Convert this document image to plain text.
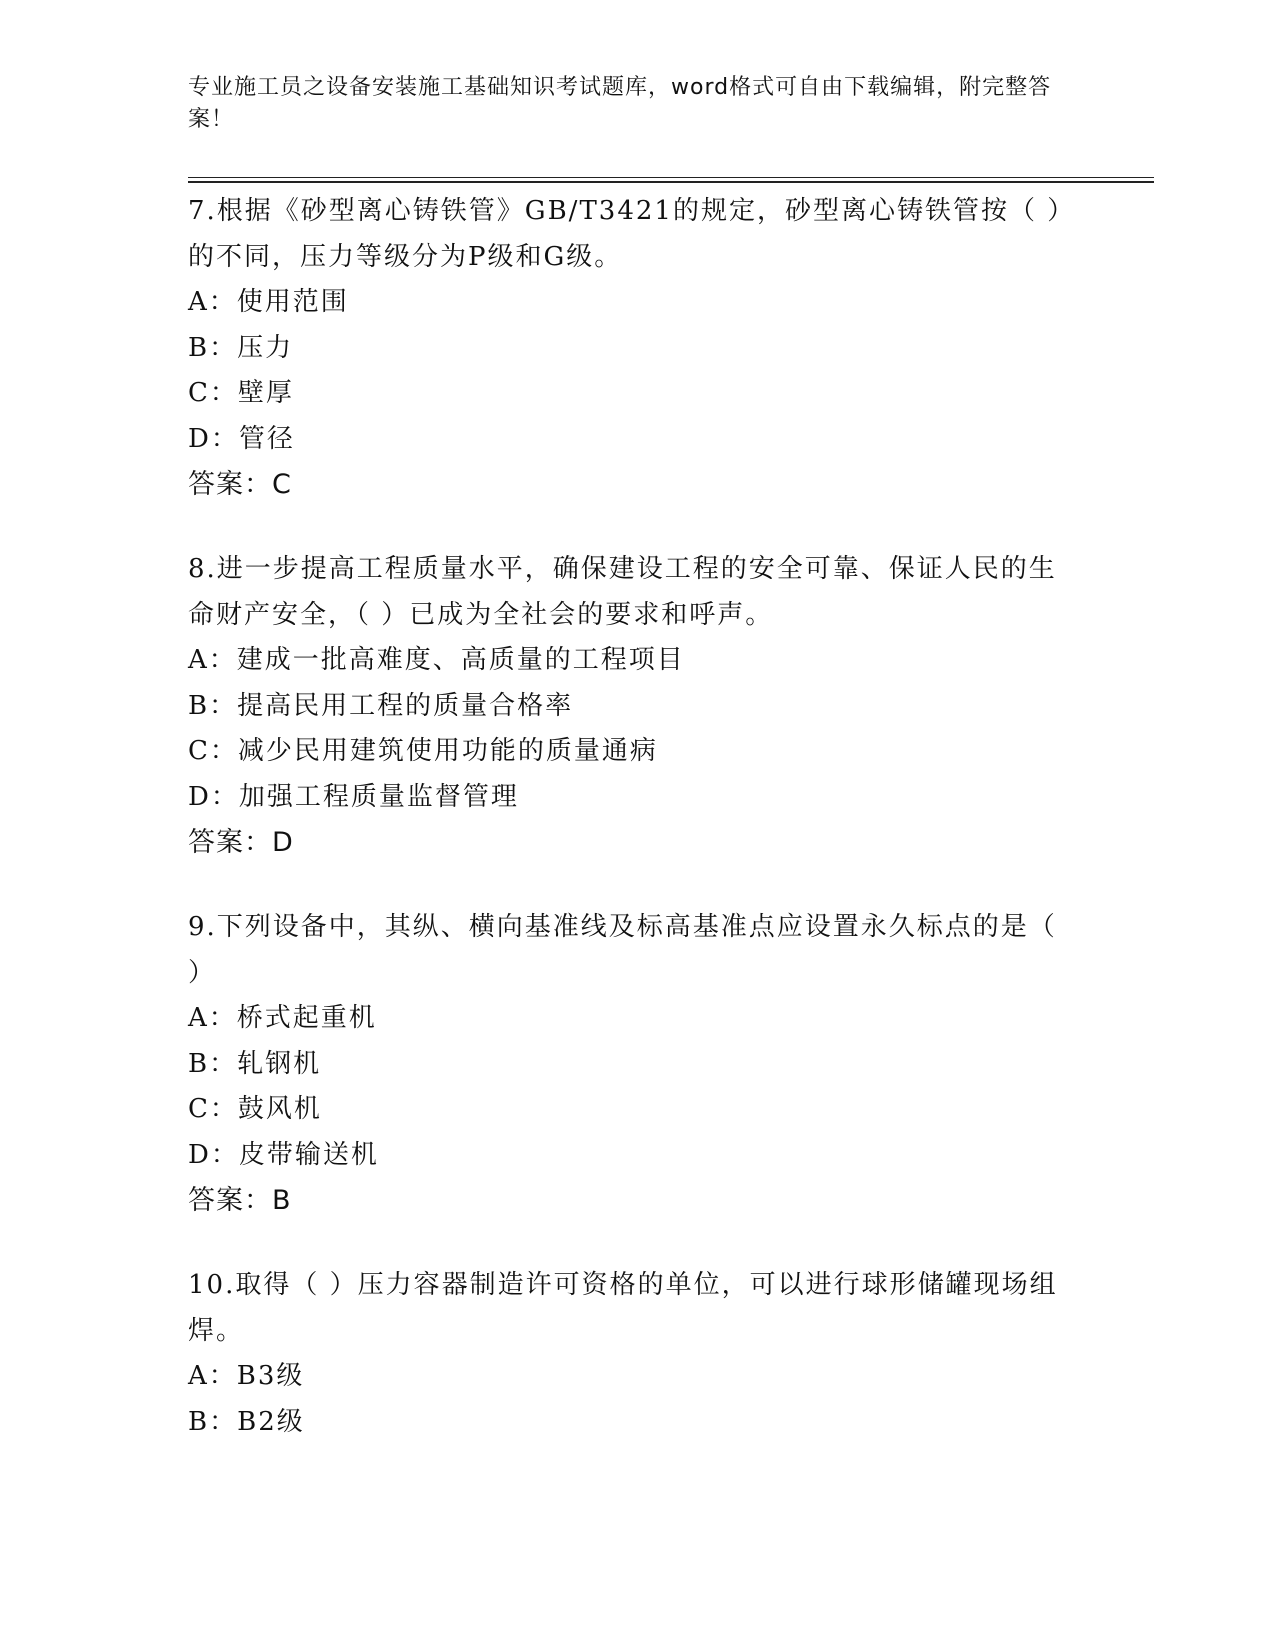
专业施工员之设备安装施工基础知识考试题库，word格式可自由下载编辑，附完整答案！

7.根据《砂型离心铸铁管》GB/T3421的规定，砂型离心铸铁管按（ ）的不同，压力等级分为P级和G级。

A：使用范围

B：压力

C：壁厚

D：管径

答案：C

8.进一步提高工程质量水平，确保建设工程的安全可靠、保证人民的生命财产安全，（ ）已成为全社会的要求和呼声。

A：建成一批高难度、高质量的工程项目

B：提高民用工程的质量合格率

C：减少民用建筑使用功能的质量通病

D：加强工程质量监督管理

答案：D

9.下列设备中，其纵、横向基准线及标高基准点应设置永久标点的是（ ）

A：桥式起重机

B：轧钢机

C：鼓风机

D：皮带输送机

答案：B

10.取得（ ）压力容器制造许可资格的单位，可以进行球形储罐现场组焊。

A：B3级

B：B2级
